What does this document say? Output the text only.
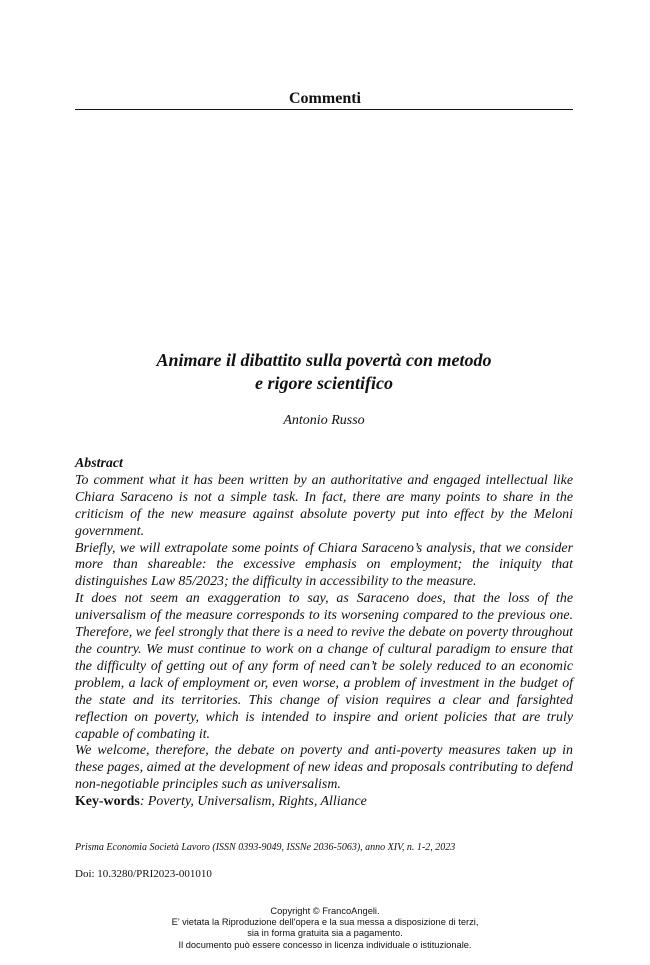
Commenti
Animare il dibattito sulla povertà con metodo
e rigore scientifico
Antonio Russo
Abstract

To comment what it has been written by an authoritative and engaged intellectual like Chiara Saraceno is not a simple task. In fact, there are many points to share in the criticism of the new measure against absolute poverty put into effect by the Meloni government.

Briefly, we will extrapolate some points of Chiara Saraceno’s analysis, that we consider more than shareable: the excessive emphasis on employment; the iniquity that distinguishes Law 85/2023; the difficulty in accessibility to the measure.

It does not seem an exaggeration to say, as Saraceno does, that the loss of the universalism of the measure corresponds to its worsening compared to the previous one. Therefore, we feel strongly that there is a need to revive the debate on poverty throughout the country. We must continue to work on a change of cultural paradigm to ensure that the difficulty of getting out of any form of need can’t be solely reduced to an economic problem, a lack of employment or, even worse, a problem of investment in the budget of the state and its territories. This change of vision requires a clear and farsighted reflection on poverty, which is intended to inspire and orient policies that are truly capable of combating it.

We welcome, therefore, the debate on poverty and anti-poverty measures taken up in these pages, aimed at the development of new ideas and proposals contributing to defend non-negotiable principles such as universalism.

Key-words: Poverty, Universalism, Rights, Alliance

Prisma Economia Società Lavoro (ISSN 0393-9049, ISSNe 2036-5063), anno XIV, n. 1-2, 2023
Doi: 10.3280/PRI2023-001010
Copyright © FrancoAngeli.
E’ vietata la Riproduzione dell'opera e la sua messa a disposizione di terzi,
sia in forma gratuita sia a pagamento.
Il documento può essere concesso in licenza individuale o istituzionale.
